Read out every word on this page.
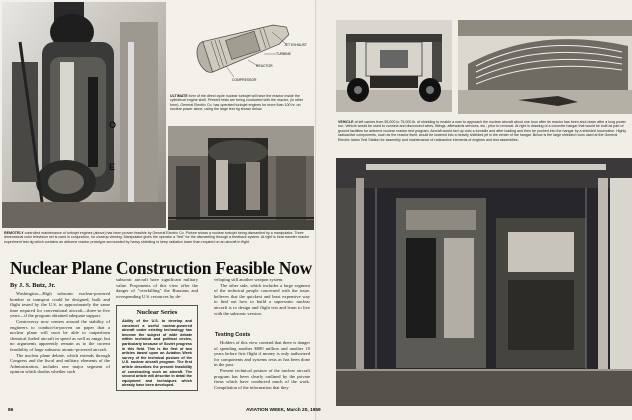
O
E
JET EXHAUST
TURBINE
REACTOR
COMPRESSOR

ULTIMATE form of the direct cycle nuclear turbojet will have the reactor inside the cylindrical engine shell. Present tests are being conducted with the reactor, (in other form). General Electric Co. has operated turbojet engines for more than 100 hr. on nuclear power alone, using the large test rig shown below.

REMOTELY controlled maintenance of turbojet engines (above) has been proven feasible by General Electric Co. Picture shows a nuclear turbojet being dismantled by a manipulator. Three dimensional color television set is used in conjunction, for closeup viewing. Manipulator gives the operator a "feel" for the dismantling through a feedback system. At right is heat transfer reactor experiment test rig which contains an airborne reactor prototype surrounded by heavy shielding to keep radiation lower than required on an aircraft in flight.

Nuclear Plane Construction Feasible Now

By J. S. Butz, Jr.

Washington—High subsonic nuclear-powered bomber or transport could be designed, built and flight tested by the U.S. in approximately the same time required for conventional aircraft—three-to-five years—if the program obtained adequate support.

Controversy now centers around the stability of engineers to conduct-in-proven on paper that a nuclear plane will soon be able to outperform chemical fueled aircraft in speed as well as range, but no arguments apparently remain as to the current feasibility of large subsonic atomic-powered aircraft.

The nuclear plane debate, which extends through Congress and the fiscal and military elements of the Administration, includes one major segment of opinion which doubts whether such

subsonic aircraft have significant military value. Proponents of this view offer the danger of "overkilling" the Russians and overspending U.S. resources by de-

Nuclear Series

Ability of the U.S. to develop and construct a useful nuclear-powered aircraft under existing technology has become the subject of wide debate within technical and political circles, particularly because of Soviet progress in this field. This is the first of two articles based upon an Aviation Week survey of the technical posture of the U.S. nuclear aircraft program. The first article describes the present feasibility of constructing such an aircraft. The second article will describe in detail the equipment and techniques which already have been developed.

veloping still another weapon system.

The other side, which includes a large segment of the technical people concerned with the issue, believes that the quickest and least expensive way to find out how to build a supersonic nuclear aircraft is to design and flight test and learn to live with the subsonic version.

Testing Costs

Holders of this view contend that there is danger of spending another $800 million and another 10 years before first flight if money is only authorized for components and systems tests as has been done in the past.

Present technical posture of the nuclear aircraft program has been clearly outlined by the private firms which have conducted much of the work. Compilation of the information that they

86

VEHICLE at left carries from 55,000 to 75,000 lb. of shielding to enable a man to approach the nuclear aircraft about one hour after its reactor has been shut down after a long power run. Vehicle would be used to connect and disconnect wires, fittings, afterwards services, etc., prior to removal. At right is drawing of a concrete hangar that would be built as part of ground facilities for airborne nuclear reactor test program. Aircraft would taxi up onto a turnstile and after loading and then be pushed into the hangar by a shielded locomotive. Highly radioactive components, such as the reactor itself, would be lowered into a heavily shielded pit in the center of the hangar. Below is the large shielded room used at the General Electric Idaho Test Station for assembly and maintenance of radioactive elements of engines and test assemblies.

AVIATION WEEK, March 20, 1959
